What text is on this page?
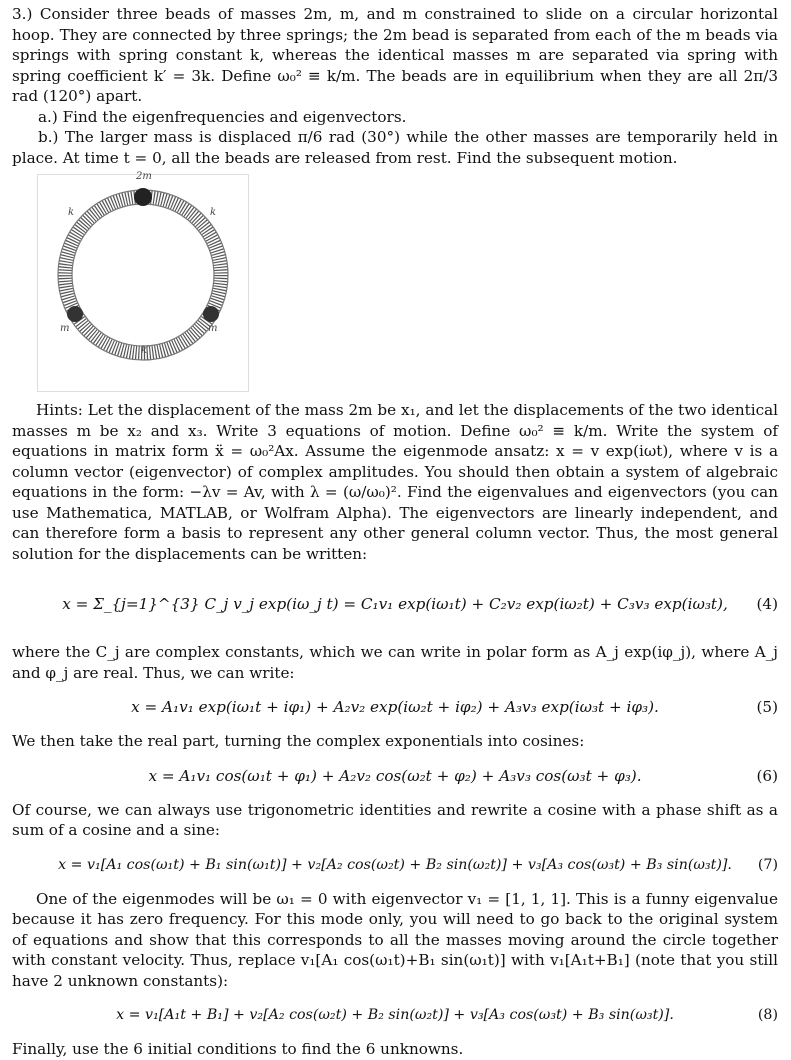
3.) Consider three beads of masses 2m, m, and m constrained to slide on a circular horizontal hoop. They are connected by three springs; the 2m bead is separated from each of the m beads via springs with spring constant k, whereas the identical masses m are separated via spring with spring coefficient k′ = 3k. Define ω₀² ≡ k/m. The beads are in equilibrium when they are all 2π/3 rad (120°) apart.

a.) Find the eigenfrequencies and eigenvectors.

b.) The larger mass is displaced π/6 rad (30°) while the other masses are temporarily held in place. At time t = 0, all the beads are released from rest. Find the subsequent motion.

2m
k	k
m	m
k′

Hints: Let the displacement of the mass 2m be x₁, and let the displacements of the two identical masses m be x₂ and x₃. Write 3 equations of motion. Define ω₀² ≡ k/m. Write the system of equations in matrix form ẍ = ω₀²Ax. Assume the eigenmode ansatz: x = v exp(iωt), where v is a column vector (eigenvector) of complex amplitudes. You should then obtain a system of algebraic equations in the form: −λv = Av, with λ = (ω/ω₀)². Find the eigenvalues and eigenvectors (you can use Mathematica, MATLAB, or Wolfram Alpha). The eigenvectors are linearly independent, and can therefore form a basis to represent any other general column vector. Thus, the most general solution for the displacements can be written:

x = Σ_{j=1}^{3} C_j v_j exp(iω_j t) = C₁v₁ exp(iω₁t) + C₂v₂ exp(iω₂t) + C₃v₃ exp(iω₃t), (4)

where the C_j are complex constants, which we can write in polar form as A_j exp(iφ_j), where A_j and φ_j are real. Thus, we can write:

x = A₁v₁ exp(iω₁t + iφ₁) + A₂v₂ exp(iω₂t + iφ₂) + A₃v₃ exp(iω₃t + iφ₃).	(5)

We then take the real part, turning the complex exponentials into cosines:

x = A₁v₁ cos(ω₁t + φ₁) + A₂v₂ cos(ω₂t + φ₂) + A₃v₃ cos(ω₃t + φ₃).	(6)

Of course, we can always use trigonometric identities and rewrite a cosine with a phase shift as a sum of a cosine and a sine:

x = v₁[A₁ cos(ω₁t) + B₁ sin(ω₁t)] + v₂[A₂ cos(ω₂t) + B₂ sin(ω₂t)] + v₃[A₃ cos(ω₃t) + B₃ sin(ω₃t)]. (7)

One of the eigenmodes will be ω₁ = 0 with eigenvector v₁ = [1, 1, 1]. This is a funny eigenvalue because it has zero frequency. For this mode only, you will need to go back to the original system of equations and show that this corresponds to all the masses moving around the circle together with constant velocity. Thus, replace v₁[A₁ cos(ω₁t)+B₁ sin(ω₁t)] with v₁[A₁t+B₁] (note that you still have 2 unknown constants):

x = v₁[A₁t + B₁] + v₂[A₂ cos(ω₂t) + B₂ sin(ω₂t)] + v₃[A₃ cos(ω₃t) + B₃ sin(ω₃t)].	(8)

Finally, use the 6 initial conditions to find the 6 unknowns.
